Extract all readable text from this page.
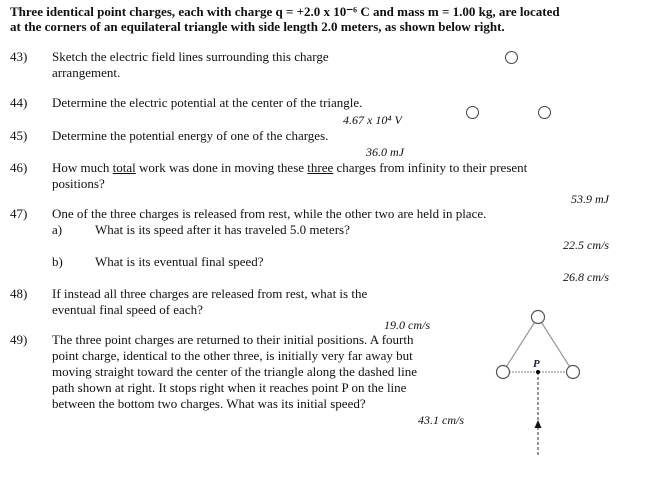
Three identical point charges, each with charge q = +2.0 x 10⁻⁶ C and mass m = 1.00 kg, are located
at the corners of an equilateral triangle with side length 2.0 meters, as shown below right.
43) Sketch the electric field lines surrounding this charge
arrangement.
44) Determine the electric potential at the center of the triangle.
4.67 x 10⁴ V
45) Determine the potential energy of one of the charges.
36.0 mJ
46) How much total work was done in moving these three charges from infinity to their present
positions?
53.9 mJ
47) One of the three charges is released from rest, while the other two are held in place.
a)	What is its speed after it has traveled 5.0 meters?
22.5 cm/s
b) What is its eventual final speed?
26.8 cm/s
48) If instead all three charges are released from rest, what is the
eventual final speed of each?
19.0 cm/s
49) The three point charges are returned to their initial positions. A fourth
point charge, identical to the other three, is initially very far away but
moving straight toward the center of the triangle along the dashed line
path shown at right. It stops right when it reaches point P on the line
between the bottom two charges. What was its initial speed?
43.1 cm/s
P
